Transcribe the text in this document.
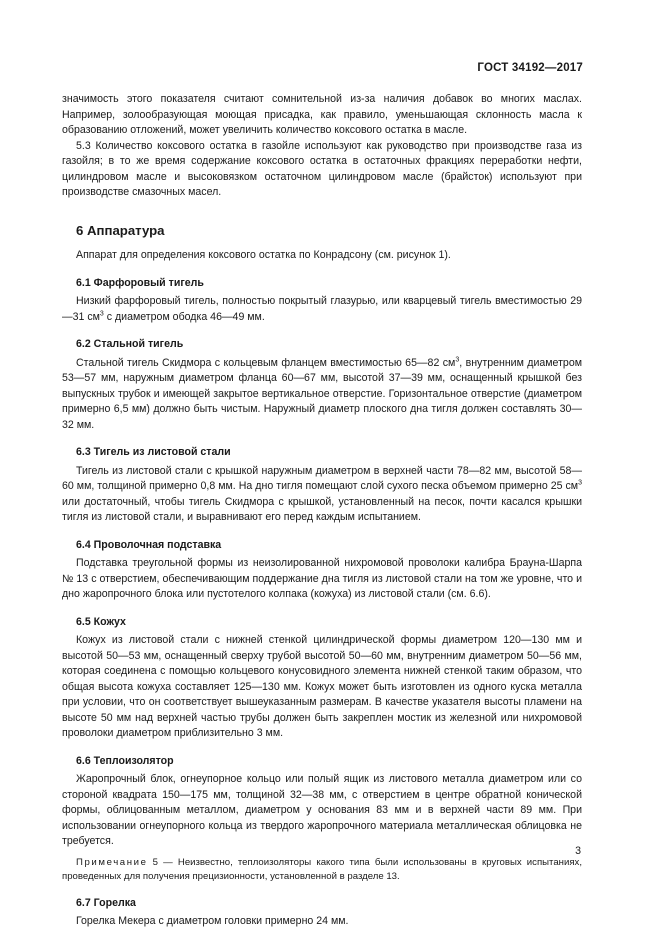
ГОСТ 34192—2017

значимость этого показателя считают сомнительной из-за наличия добавок во многих маслах. Например, золообразующая моющая присадка, как правило, уменьшающая склонность масла к образованию отложений, может увеличить количество коксового остатка в масле.

5.3 Количество коксового остатка в газойле используют как руководство при производстве газа из газойля; в то же время содержание коксового остатка в остаточных фракциях переработки нефти, цилиндровом масле и высоковязком остаточном цилиндровом масле (брайсток) используют при производстве смазочных масел.

6 Аппаратура

Аппарат для определения коксового остатка по Конрадсону (см. рисунок 1).

6.1 Фарфоровый тигель

Низкий фарфоровый тигель, полностью покрытый глазурью, или кварцевый тигель вместимостью 29—31 $см^3$ с диаметром ободка 46—49 мм.

6.2 Стальной тигель

Стальной тигель Скидмора с кольцевым фланцем вместимостью 65—82 $см^3$, внутренним диаметром 53—57 мм, наружным диаметром фланца 60—67 мм, высотой 37—39 мм, оснащенный крышкой без выпускных трубок и имеющей закрытое вертикальное отверстие. Горизонтальное отверстие (диаметром примерно 6,5 мм) должно быть чистым. Наружный диаметр плоского дна тигля должен составлять 30—32 мм.

6.3 Тигель из листовой стали

Тигель из листовой стали с крышкой наружным диаметром в верхней части 78—82 мм, высотой 58—60 мм, толщиной примерно 0,8 мм. На дно тигля помещают слой сухого песка объемом примерно 25 $см^3$ или достаточный, чтобы тигель Скидмора с крышкой, установленный на песок, почти касался крышки тигля из листовой стали, и выравнивают его перед каждым испытанием.

6.4 Проволочная подставка

Подставка треугольной формы из неизолированной нихромовой проволоки калибра Брауна-Шарпа № 13 с отверстием, обеспечивающим поддержание дна тигля из листовой стали на том же уровне, что и дно жаропрочного блока или пустотелого колпака (кожуха) из листовой стали (см. 6.6).

6.5 Кожух

Кожух из листовой стали с нижней стенкой цилиндрической формы диаметром 120—130 мм и высотой 50—53 мм, оснащенный сверху трубой высотой 50—60 мм, внутренним диаметром 50—56 мм, которая соединена с помощью кольцевого конусовидного элемента нижней стенкой таким образом, что общая высота кожуха составляет 125—130 мм. Кожух может быть изготовлен из одного куска металла при условии, что он соответствует вышеуказанным размерам. В качестве указателя высоты пламени на высоте 50 мм над верхней частью трубы должен быть закреплен мостик из железной или нихромовой проволоки диаметром приблизительно 3 мм.

6.6 Теплоизолятор

Жаропрочный блок, огнеупорное кольцо или полый ящик из листового металла диаметром или со стороной квадрата 150—175 мм, толщиной 32—38 мм, с отверстием в центре обратной конической формы, облицованным металлом, диаметром у основания 83 мм и в верхней части 89 мм. При использовании огнеупорного кольца из твердого жаропрочного материала металлическая облицовка не требуется.

Примечание 5 — Неизвестно, теплоизоляторы какого типа были использованы в круговых испытаниях, проведенных для получения прецизионности, установленной в разделе 13.

6.7 Горелка

Горелка Мекера с диаметром головки примерно 24 мм.

3
